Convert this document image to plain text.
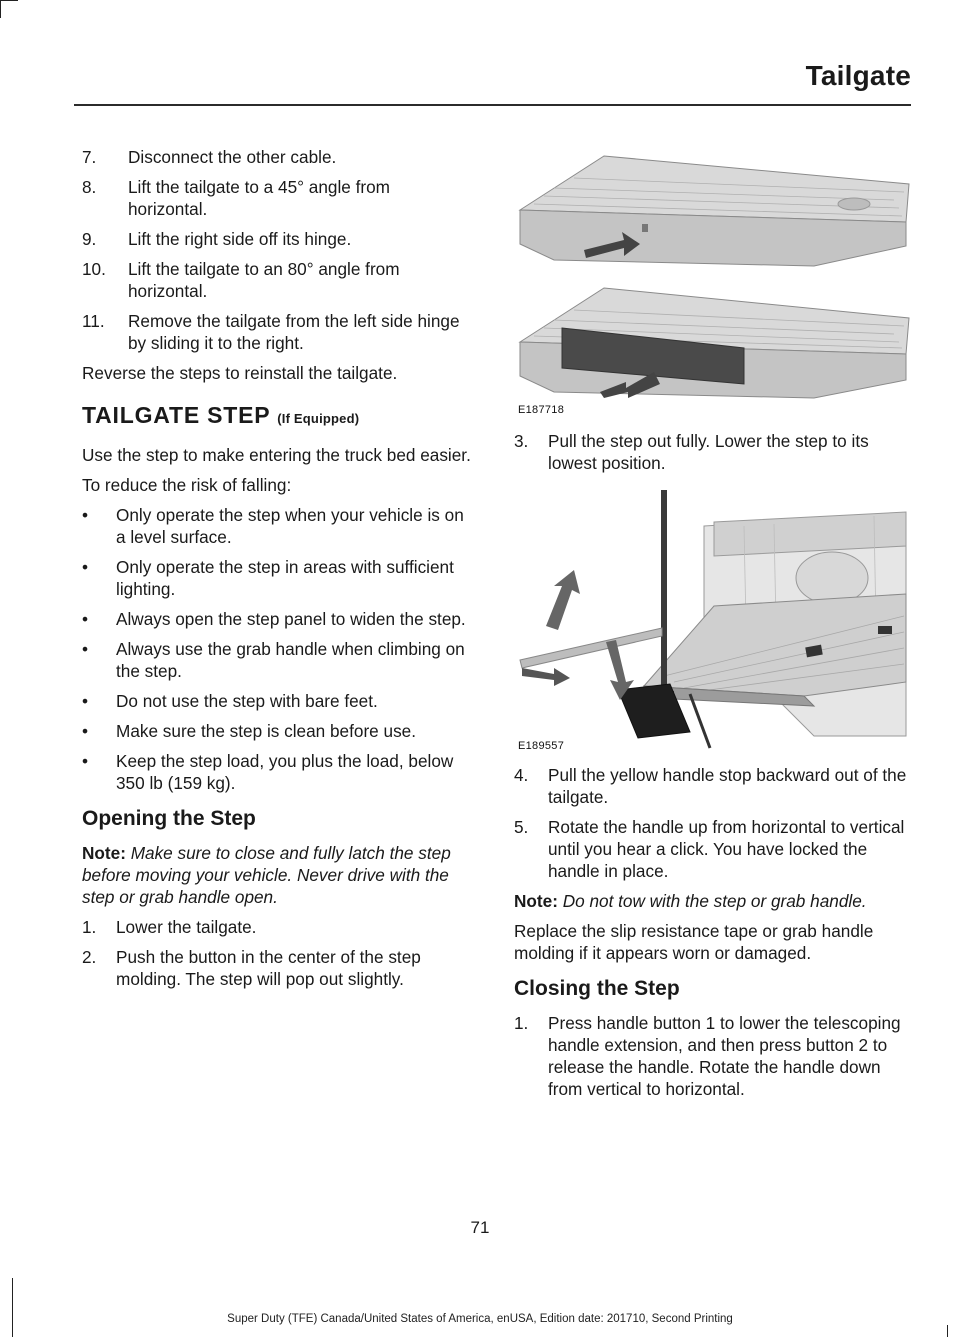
Tailgate
7. Disconnect the other cable.
8. Lift the tailgate to a 45° angle from horizontal.
9. Lift the right side off its hinge.
10. Lift the tailgate to an 80° angle from horizontal.
11. Remove the tailgate from the left side hinge by sliding it to the right.

Reverse the steps to reinstall the tailgate.

TAILGATE STEP (If Equipped)

Use the step to make entering the truck bed easier.

To reduce the risk of falling:

• Only operate the step when your vehicle is on a level surface.
• Only operate the step in areas with sufficient lighting.
• Always open the step panel to widen the step.
• Always use the grab handle when climbing on the step.
• Do not use the step with bare feet.
• Make sure the step is clean before use.
• Keep the step load, you plus the load, below 350 lb (159 kg).
Opening the Step

Note: Make sure to close and fully latch the step before moving your vehicle. Never drive with the step or grab handle open.

1. Lower the tailgate.
2. Push the button in the center of the step molding. The step will pop out slightly.
E187718
3. Pull the step out fully. Lower the step to its lowest position.
E189557
4. Pull the yellow handle stop backward out of the tailgate.
5. Rotate the handle up from horizontal to vertical until you hear a click. You have locked the handle in place.

Note: Do not tow with the step or grab handle.

Replace the slip resistance tape or grab handle molding if it appears worn or damaged.

Closing the Step
1. Press handle button 1 to lower the telescoping handle extension, and then press button 2 to release the handle. Rotate the handle down from vertical to horizontal.
71
Super Duty (TFE) Canada/United States of America, enUSA, Edition date: 201710, Second Printing
